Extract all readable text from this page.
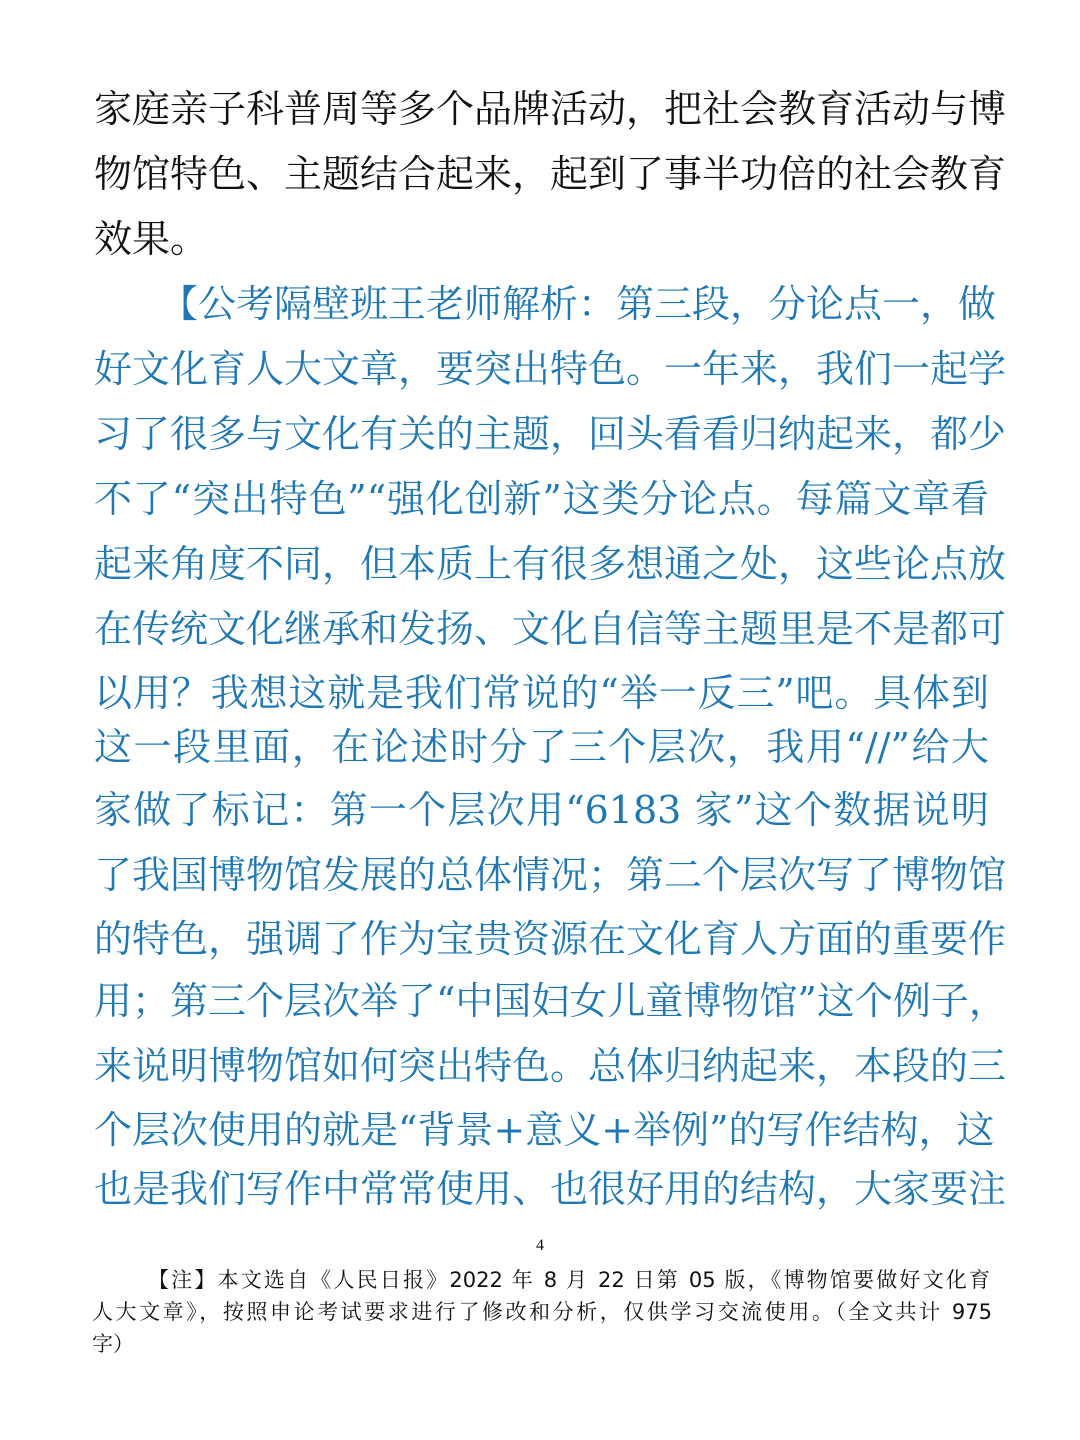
家庭亲子科普周等多个品牌活动，把社会教育活动与博
物馆特色、主题结合起来，起到了事半功倍的社会教育
效果。
【公考隔壁班王老师解析：第三段，分论点一，做
好文化育人大文章，要突出特色。一年来，我们一起学
习了很多与文化有关的主题，回头看看归纳起来，都少
不了“突出特色”“强化创新”这类分论点。每篇文章看
起来角度不同，但本质上有很多想通之处，这些论点放
在传统文化继承和发扬、文化自信等主题里是不是都可
以用？我想这就是我们常说的“举一反三”吧。具体到
这一段里面，在论述时分了三个层次，我用“//”给大
家做了标记：第一个层次用“6183 家”这个数据说明
了我国博物馆发展的总体情况；第二个层次写了博物馆
的特色，强调了作为宝贵资源在文化育人方面的重要作
用；第三个层次举了“中国妇女儿童博物馆”这个例子，
来说明博物馆如何突出特色。总体归纳起来，本段的三
个层次使用的就是“背景+意义+举例”的写作结构，这
也是我们写作中常常使用、也很好用的结构，大家要注
4
【注】本文选自《人民日报》2022 年 8 月 22 日第 05 版，《博物馆要做好文化育
人大文章》，按照申论考试要求进行了修改和分析，仅供学习交流使用。（全文共计 975
字）
